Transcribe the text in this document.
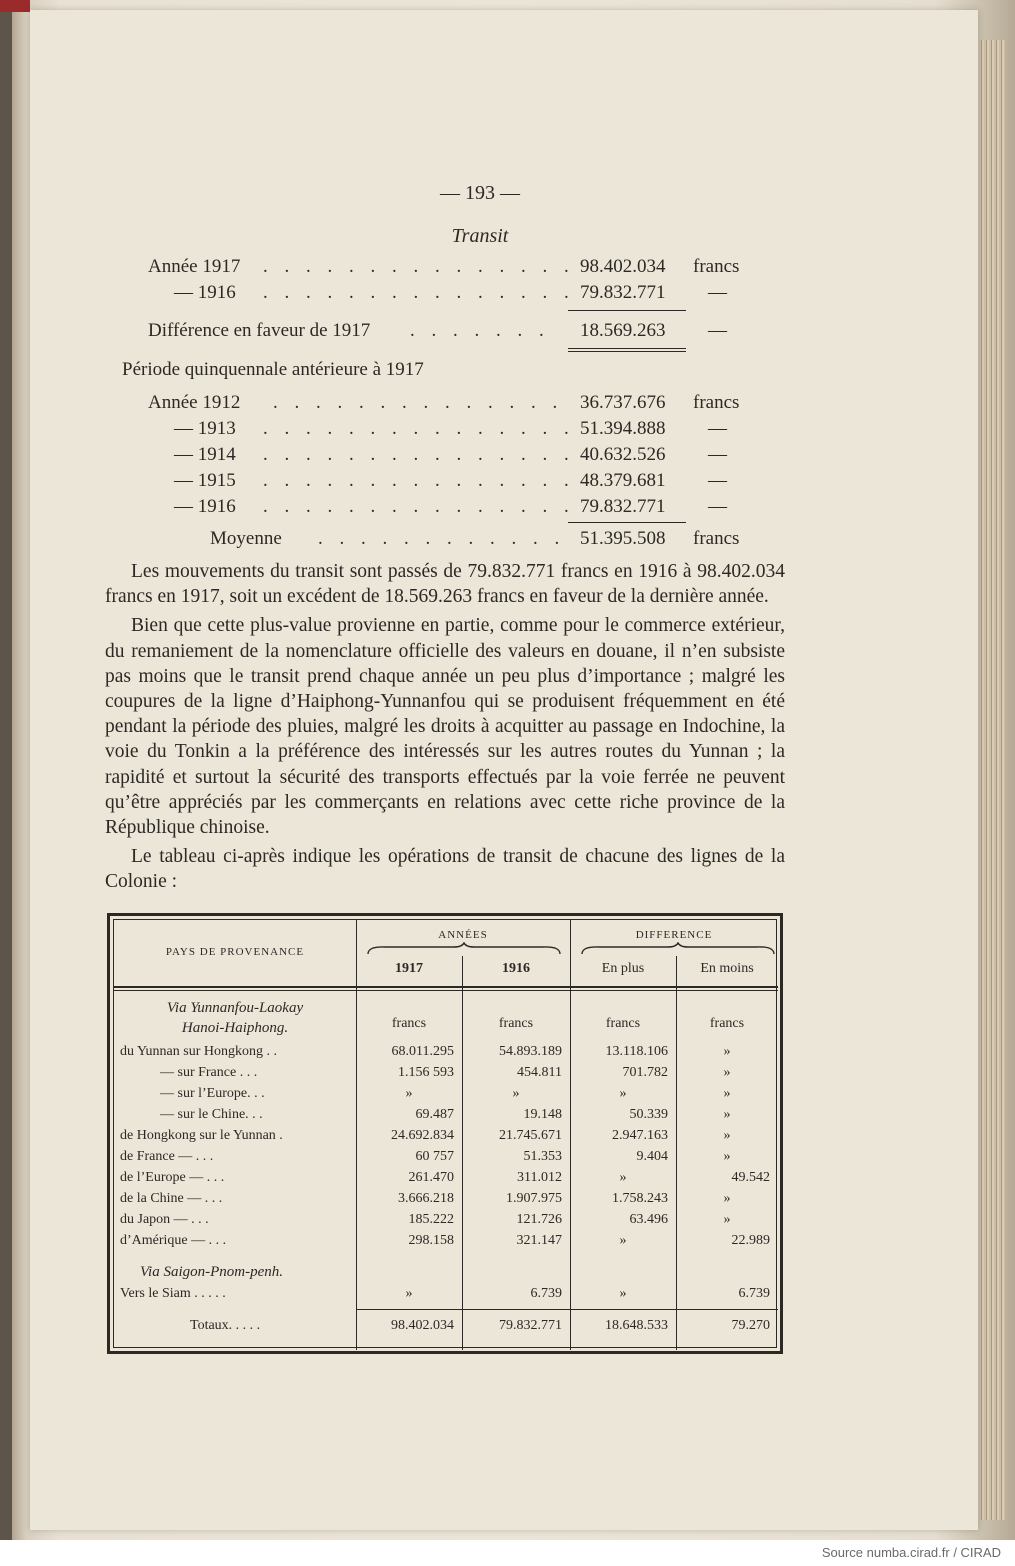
— 193 —
Transit
Année 1917 . . . . . . . . . . . . . . . 98.402.034 francs
— 1916 . . . . . . . . . . . . . . . 79.832.771 —
Différence en faveur de 1917 . . . . . . . 18.569.263 —
Période quinquennale antérieure à 1917
Année 1912 . . . . . . . . . . . . . . 36.737.676 francs
— 1913 . . . . . . . . . . . . . . . 51.394.888 —
— 1914 . . . . . . . . . . . . . . . 40.632.526 —
— 1915 . . . . . . . . . . . . . . . 48.379.681 —
— 1916 . . . . . . . . . . . . . . . 79.832.771 —
Moyenne . . . . . . . . . . . . 51.395.508 francs

Les mouvements du transit sont passés de 79.832.771 francs en 1916 à 98.402.034 francs en 1917, soit un excédent de 18.569.263 francs en faveur de la dernière année.

Bien que cette plus-value provienne en partie, comme pour le commerce extérieur, du remaniement de la nomenclature officielle des valeurs en douane, il n’en subsiste pas moins que le transit prend chaque année un peu plus d’importance ; malgré les coupures de la ligne d’Haiphong-Yunnanfou qui se produisent fréquemment en été pendant la période des pluies, malgré les droits à acquitter au passage en Indochine, la voie du Tonkin a la préférence des intéressés sur les autres routes du Yunnan ; la rapidité et surtout la sécurité des transports effectués par la voie ferrée ne peuvent qu’être appréciés par les commerçants en relations avec cette riche province de la République chinoise.

Le tableau ci-après indique les opérations de transit de chacune des lignes de la Colonie :

PAYS DE PROVENANCE
ANNÉES
1917	1916
DIFFERENCE
En plus	En moins
Via Yunnanfou-Laokay
Hanoi-Haiphong.	francs	francs	francs	francs
du Yunnan sur Hongkong . .	68.011.295	54.893.189	13.118.106	»
— sur France . . .	1.156 593	454.811	701.782	»
— sur l’Europe. . .	»	»	»	»
— sur le Chine. . .	69.487	19.148	50.339	»
de Hongkong sur le Yunnan .	24.692.834	21.745.671	2.947.163	»
de France — . . .	60 757	51.353	9.404	»
de l’Europe — . . .	261.470	311.012	»	49.542
de la Chine — . . .	3.666.218	1.907.975	1.758.243	»
du Japon — . . .	185.222	121.726	63.496	»
d’Amérique — . . .	298.158	321.147	»	22.989
Via Saigon-Pnom-penh.
Vers le Siam . . . . .	»	6.739	»	6.739
Totaux. . . . .	98.402.034	79.832.771	18.648.533	79.270
Source numba.cirad.fr / CIRAD
